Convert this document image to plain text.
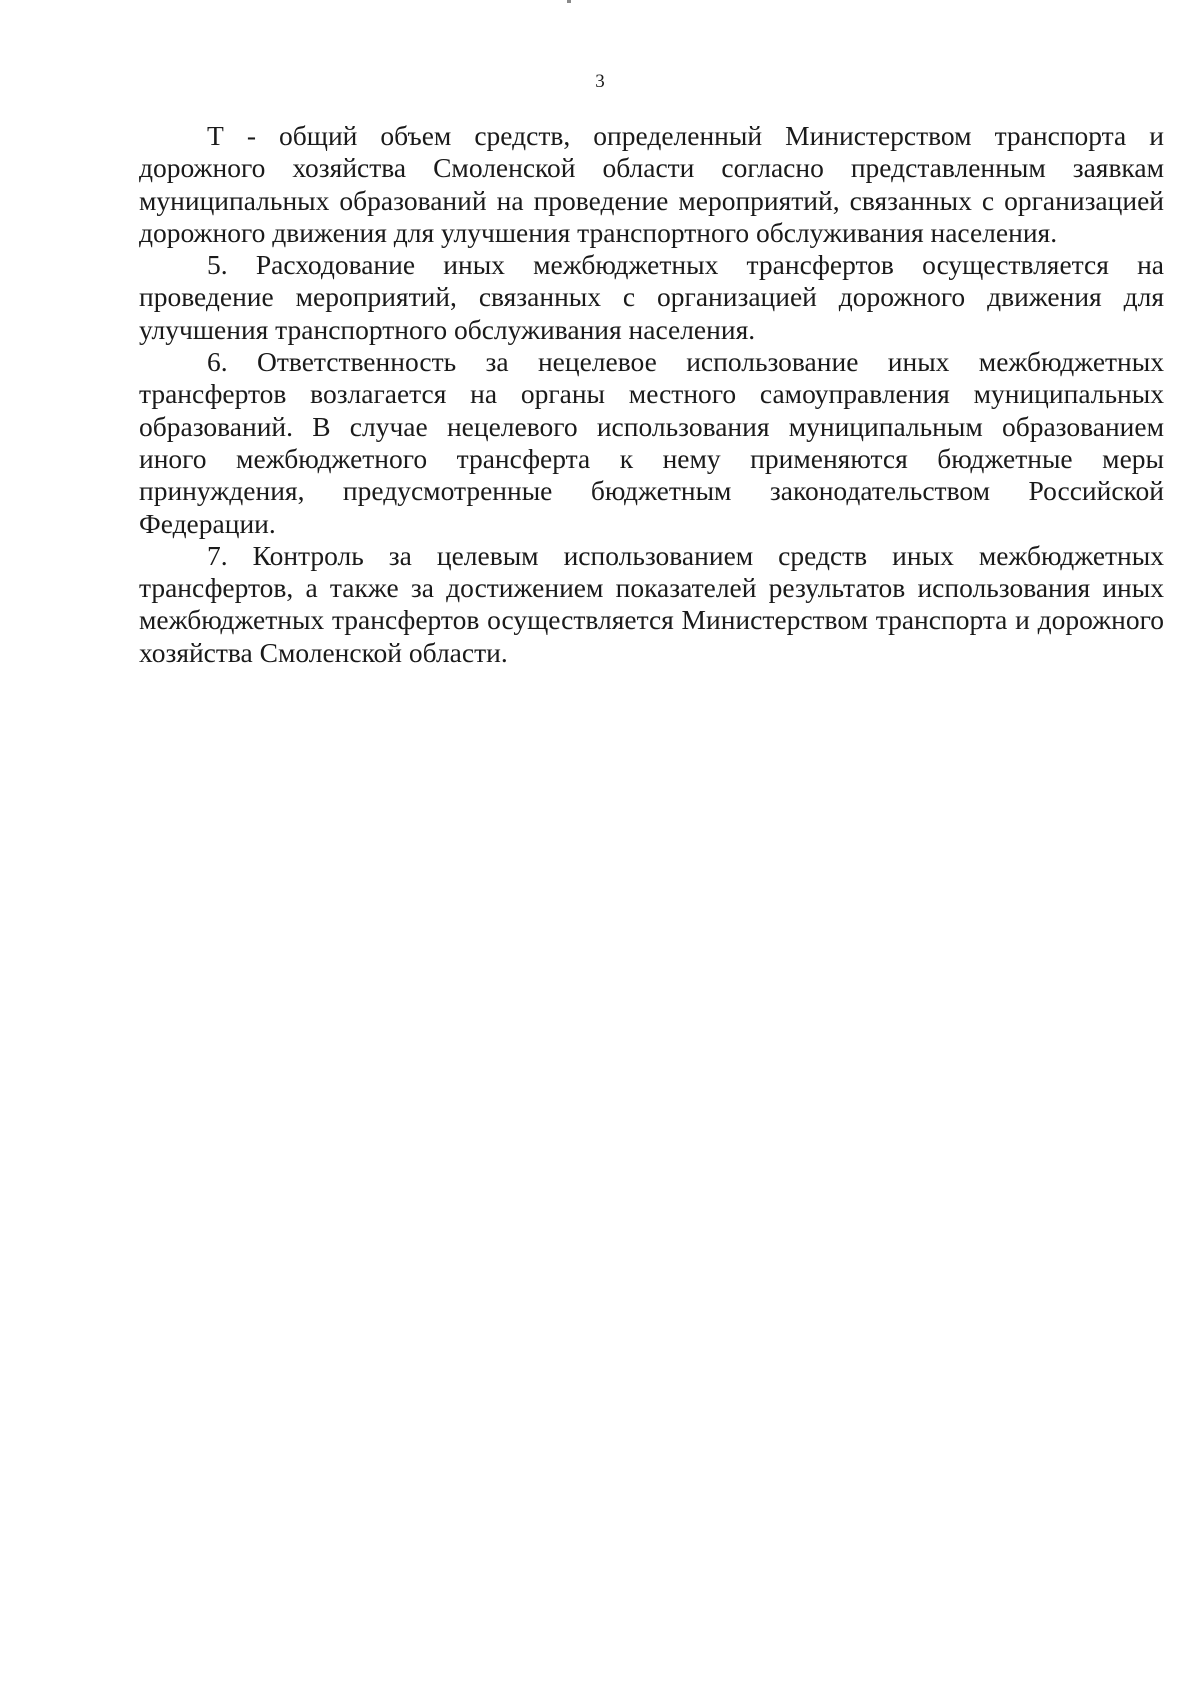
3

Т - общий объем средств, определенный Министерством транспорта и дорожного хозяйства Смоленской области согласно представленным заявкам муниципальных образований на проведение мероприятий, связанных с организацией дорожного движения для улучшения транспортного обслуживания населения.

5. Расходование иных межбюджетных трансфертов осуществляется на проведение мероприятий, связанных с организацией дорожного движения для улучшения транспортного обслуживания населения.

6. Ответственность за нецелевое использование иных межбюджетных трансфертов возлагается на органы местного самоуправления муниципальных образований. В случае нецелевого использования муниципальным образованием иного межбюджетного трансферта к нему применяются бюджетные меры принуждения, предусмотренные бюджетным законодательством Российской Федерации.

7. Контроль за целевым использованием средств иных межбюджетных трансфертов, а также за достижением показателей результатов использования иных межбюджетных трансфертов осуществляется Министерством транспорта и дорожного хозяйства Смоленской области.
